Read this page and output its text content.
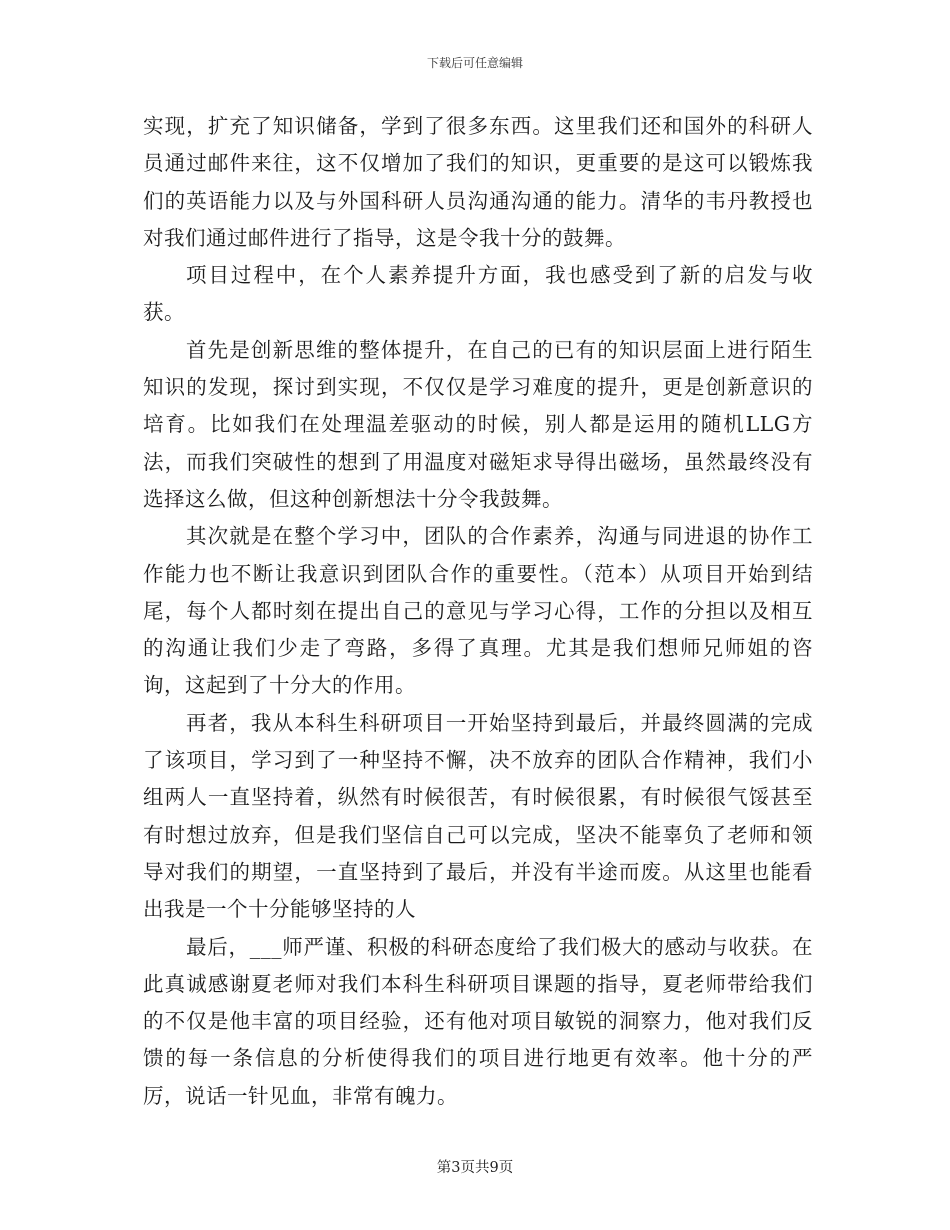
下载后可任意编辑

实现，扩充了知识储备，学到了很多东西。这里我们还和国外的科研人员通过邮件来往，这不仅增加了我们的知识，更重要的是这可以锻炼我们的英语能力以及与外国科研人员沟通沟通的能力。清华的韦丹教授也对我们通过邮件进行了指导，这是令我十分的鼓舞。

项目过程中，在个人素养提升方面，我也感受到了新的启发与收获。

首先是创新思维的整体提升，在自己的已有的知识层面上进行陌生知识的发现，探讨到实现，不仅仅是学习难度的提升，更是创新意识的培育。比如我们在处理温差驱动的时候，别人都是运用的随机LLG方法，而我们突破性的想到了用温度对磁矩求导得出磁场，虽然最终没有选择这么做，但这种创新想法十分令我鼓舞。

其次就是在整个学习中，团队的合作素养，沟通与同进退的协作工作能力也不断让我意识到团队合作的重要性。（范本）从项目开始到结尾，每个人都时刻在提出自己的意见与学习心得，工作的分担以及相互的沟通让我们少走了弯路，多得了真理。尤其是我们想师兄师姐的咨询，这起到了十分大的作用。

再者，我从本科生科研项目一开始坚持到最后，并最终圆满的完成了该项目，学习到了一种坚持不懈，决不放弃的团队合作精神，我们小组两人一直坚持着，纵然有时候很苦，有时候很累，有时候很气馁甚至有时想过放弃，但是我们坚信自己可以完成，坚决不能辜负了老师和领导对我们的期望，一直坚持到了最后，并没有半途而废。从这里也能看出我是一个十分能够坚持的人

最后，___师严谨、积极的科研态度给了我们极大的感动与收获。在此真诚感谢夏老师对我们本科生科研项目课题的指导，夏老师带给我们的不仅是他丰富的项目经验，还有他对项目敏锐的洞察力，他对我们反馈的每一条信息的分析使得我们的项目进行地更有效率。他十分的严厉，说话一针见血，非常有魄力。

第3页共9页
